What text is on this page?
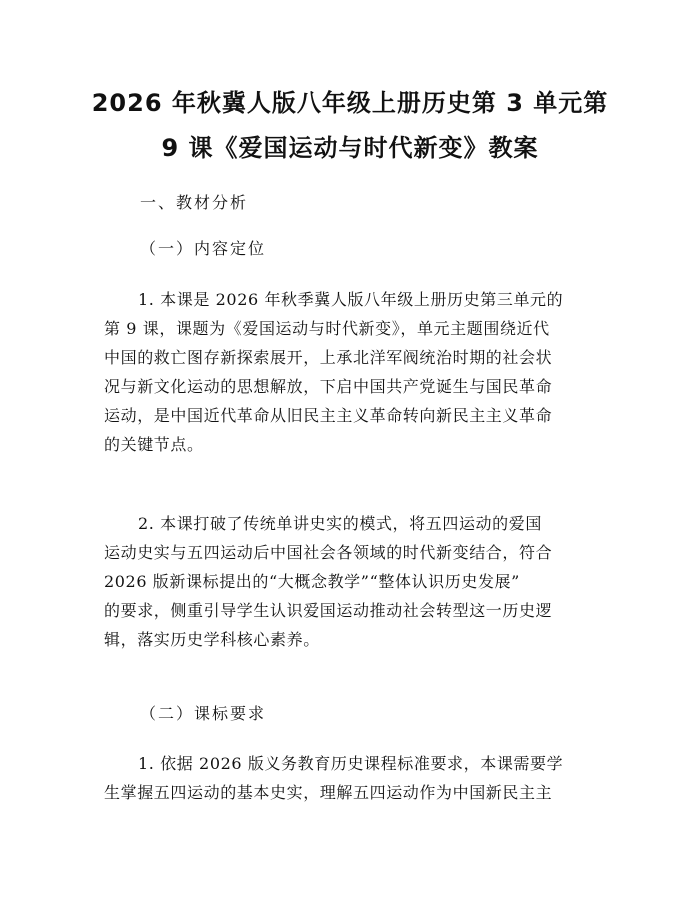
2026 年秋冀人版八年级上册历史第 3 单元第
9 课《爱国运动与时代新变》教案
一、教材分析
（一）内容定位
1. 本课是 2026 年秋季冀人版八年级上册历史第三单元的
第 9 课，课题为《爱国运动与时代新变》，单元主题围绕近代
中国的救亡图存新探索展开，上承北洋军阀统治时期的社会状
况与新文化运动的思想解放，下启中国共产党诞生与国民革命
运动，是中国近代革命从旧民主主义革命转向新民主主义革命
的关键节点。
2. 本课打破了传统单讲史实的模式，将五四运动的爱国
运动史实与五四运动后中国社会各领域的时代新变结合，符合
2026 版新课标提出的“大概念教学”“整体认识历史发展”
的要求，侧重引导学生认识爱国运动推动社会转型这一历史逻
辑，落实历史学科核心素养。
（二）课标要求
1. 依据 2026 版义务教育历史课程标准要求，本课需要学
生掌握五四运动的基本史实，理解五四运动作为中国新民主主
